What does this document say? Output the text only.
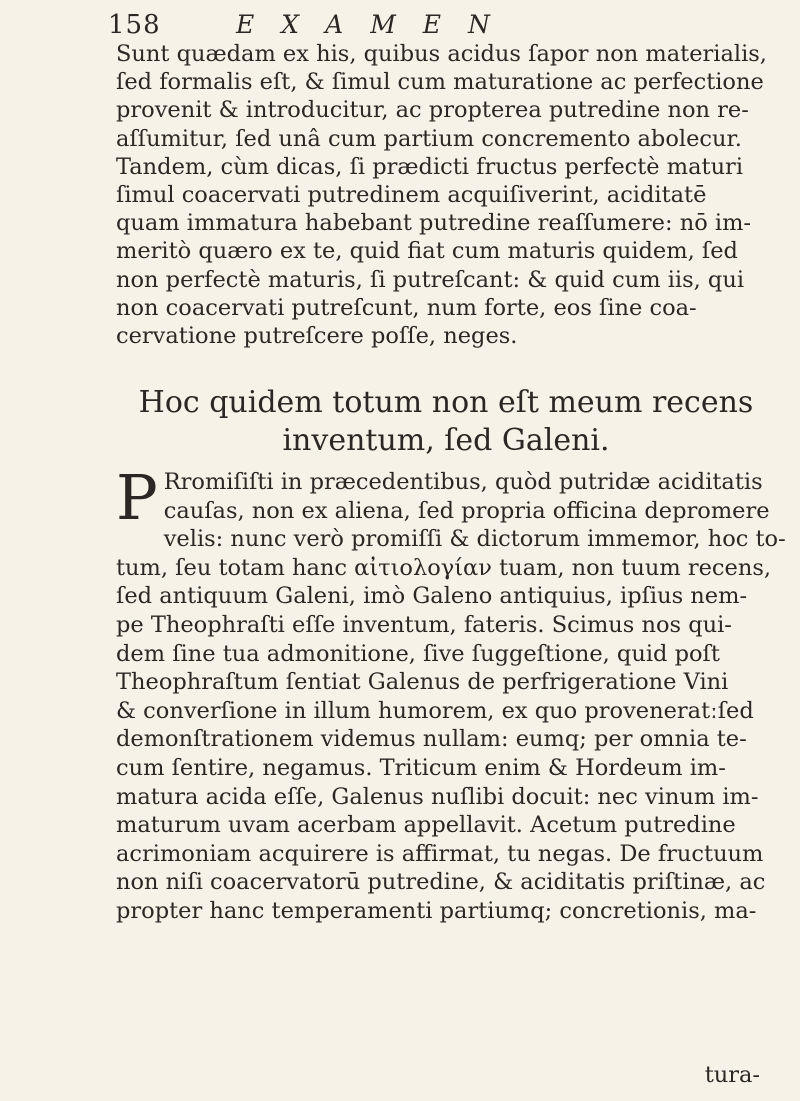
158	EXAMEN
Sunt quædam ex his, quibus acidus ſapor non materialis,
ſed formalis eſt, & ſimul cum maturatione ac perfectione
provenit & introducitur, ac propterea putredine non re-
aſſumitur, ſed unâ cum partium concremento abolecur.
Tandem, cùm dicas, ſi prædicti fructus perfectè maturi
ſimul coacervati putredinem acquiſiverint, aciditatē
quam immatura habebant putredine reaſſumere: nō im-
meritò quæro ex te, quid fiat cum maturis quidem, ſed
non perfectè maturis, ſi putreſcant: & quid cum iis, qui
non coacervati putreſcunt, num forte, eos ſine coa-
cervatione putreſcere poſſe, neges.
Hoc quidem totum non eſt meum recens
inventum, ſed Galeni.
P Rromiſiſti in præcedentibus, quòd putridæ aciditatis
cauſas, non ex aliena, ſed propria officina depromere
velis: nunc verò promiſſi & dictorum immemor, hoc to-
tum, ſeu totam hanc αἰτιολογίαν tuam, non tuum recens,
ſed antiquum Galeni, imò Galeno antiquius, ipſius nem-
pe Theophraſti eſſe inventum, fateris. Scimus nos qui-
dem ſine tua admonitione, ſive ſuggeſtione, quid poſt
Theophraſtum ſentiat Galenus de perfrigeratione Vini
& converſione in illum humorem, ex quo proveneratːſed
demonſtrationem videmus nullam: eumq; per omnia te-
cum ſentire, negamus. Triticum enim & Hordeum im-
matura acida eſſe, Galenus nuſlibi docuit: nec vinum im-
maturum uvam acerbam appellavit. Acetum putredine
acrimoniam acquirere is affirmat, tu negas. De fructuum
non niſi coacervatorū putredine, & aciditatis priſtinæ, ac
propter hanc temperamenti partiumq; concretionis, ma-
tura-
